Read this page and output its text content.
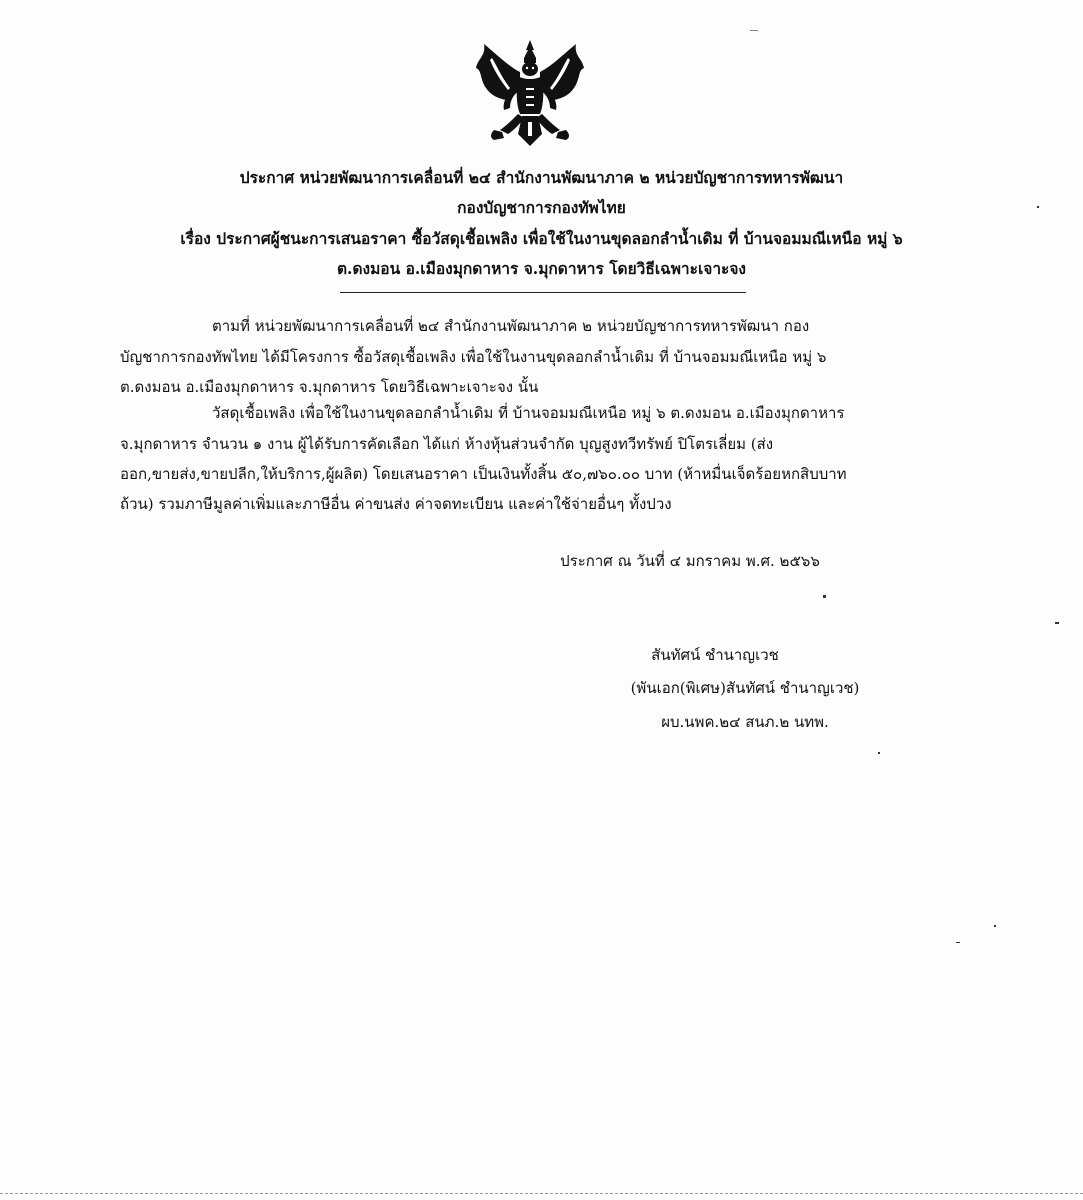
ประกาศ หน่วยพัฒนาการเคลื่อนที่ ๒๔ สำนักงานพัฒนาภาค ๒ หน่วยบัญชาการทหารพัฒนา
กองบัญชาการกองทัพไทย
เรื่อง ประกาศผู้ชนะการเสนอราคา ซื้อวัสดุเชื้อเพลิง เพื่อใช้ในงานขุดลอกลำน้ำเดิม ที่ บ้านจอมมณีเหนือ หมู่ ๖
ต.ดงมอน อ.เมืองมุกดาหาร จ.มุกดาหาร โดยวิธีเฉพาะเจาะจง
ตามที่ หน่วยพัฒนาการเคลื่อนที่ ๒๔ สำนักงานพัฒนาภาค ๒ หน่วยบัญชาการทหารพัฒนา กอง
บัญชาการกองทัพไทย ได้มีโครงการ ซื้อวัสดุเชื้อเพลิง เพื่อใช้ในงานขุดลอกลำน้ำเดิม ที่ บ้านจอมมณีเหนือ หมู่ ๖
ต.ดงมอน อ.เมืองมุกดาหาร จ.มุกดาหาร โดยวิธีเฉพาะเจาะจง นั้น
วัสดุเชื้อเพลิง เพื่อใช้ในงานขุดลอกลำน้ำเดิม ที่ บ้านจอมมณีเหนือ หมู่ ๖ ต.ดงมอน อ.เมืองมุกดาหาร
จ.มุกดาหาร จำนวน ๑ งาน ผู้ได้รับการคัดเลือก ได้แก่ ห้างหุ้นส่วนจำกัด บุญสูงทวีทรัพย์ ปิโตรเลี่ยม (ส่ง
ออก,ขายส่ง,ขายปลีก,ให้บริการ,ผู้ผลิต) โดยเสนอราคา เป็นเงินทั้งสิ้น ๕๐,๗๖๐.๐๐ บาท (ห้าหมื่นเจ็ดร้อยหกสิบบาท
ถ้วน) รวมภาษีมูลค่าเพิ่มและภาษีอื่น ค่าขนส่ง ค่าจดทะเบียน และค่าใช้จ่ายอื่นๆ ทั้งปวง
ประกาศ ณ วันที่ ๔ มกราคม พ.ศ. ๒๕๖๖
สันทัศน์ ชำนาญเวช
(พันเอก(พิเศษ)สันทัศน์ ชำนาญเวช)
ผบ.นพค.๒๔ สนภ.๒ นทพ.
